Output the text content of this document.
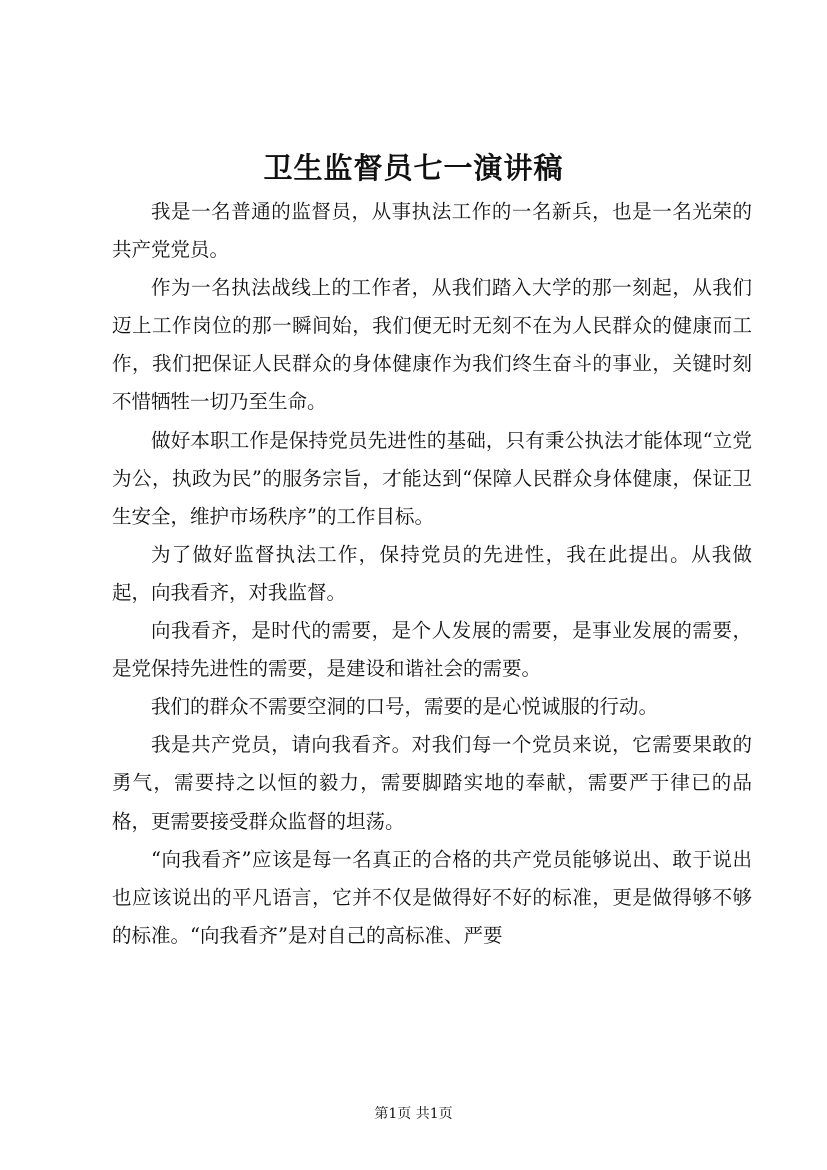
卫生监督员七一演讲稿

我是一名普通的监督员，从事执法工作的一名新兵，也是一名光荣的共产党党员。

作为一名执法战线上的工作者，从我们踏入大学的那一刻起，从我们迈上工作岗位的那一瞬间始，我们便无时无刻不在为人民群众的健康而工作，我们把保证人民群众的身体健康作为我们终生奋斗的事业，关键时刻不惜牺牲一切乃至生命。

做好本职工作是保持党员先进性的基础，只有秉公执法才能体现“立党为公，执政为民”的服务宗旨，才能达到“保障人民群众身体健康，保证卫生安全，维护市场秩序”的工作目标。

为了做好监督执法工作，保持党员的先进性，我在此提出。从我做起，向我看齐，对我监督。

向我看齐，是时代的需要，是个人发展的需要，是事业发展的需要，是党保持先进性的需要，是建设和谐社会的需要。

我们的群众不需要空洞的口号，需要的是心悦诚服的行动。

我是共产党员，请向我看齐。对我们每一个党员来说，它需要果敢的勇气，需要持之以恒的毅力，需要脚踏实地的奉献，需要严于律已的品格，更需要接受群众监督的坦荡。

“向我看齐”应该是每一名真正的合格的共产党员能够说出、敢于说出也应该说出的平凡语言，它并不仅是做得好不好的标准，更是做得够不够的标准。“向我看齐”是对自己的高标准、严要

第1页 共1页
